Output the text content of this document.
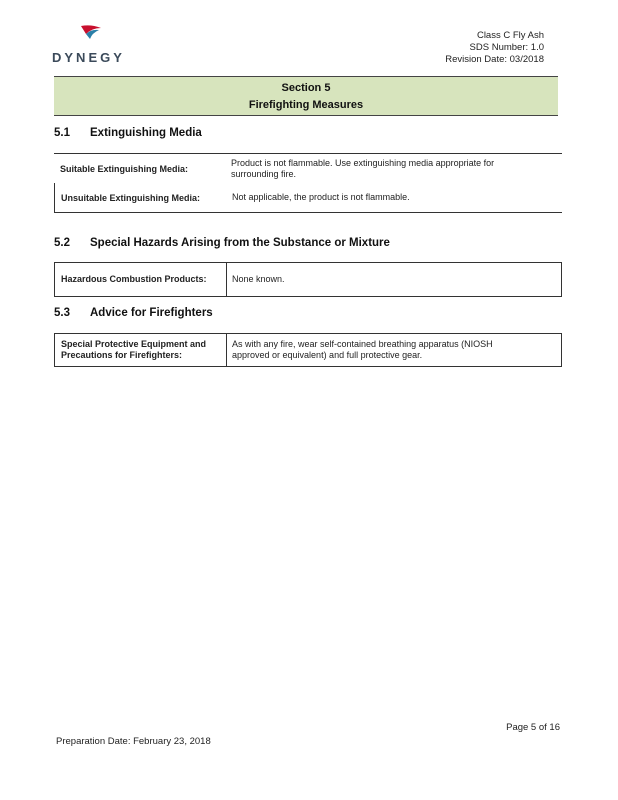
DYNEGY
Class C Fly Ash
SDS Number: 1.0
Revision Date: 03/2018
Section 5
Firefighting Measures
5.1 Extinguishing Media
Suitable Extinguishing Media:
Product is not flammable. Use extinguishing media appropriate for surrounding fire.
Unsuitable Extinguishing Media:	Not applicable, the product is not flammable.
5.2 Special Hazards Arising from the Substance or Mixture
Hazardous Combustion Products:	None known.
5.3 Advice for Firefighters
Special Protective Equipment and Precautions for Firefighters:
As with any fire, wear self-contained breathing apparatus (NIOSH approved or equivalent) and full protective gear.
Page 5 of 16
Preparation Date: February 23, 2018
